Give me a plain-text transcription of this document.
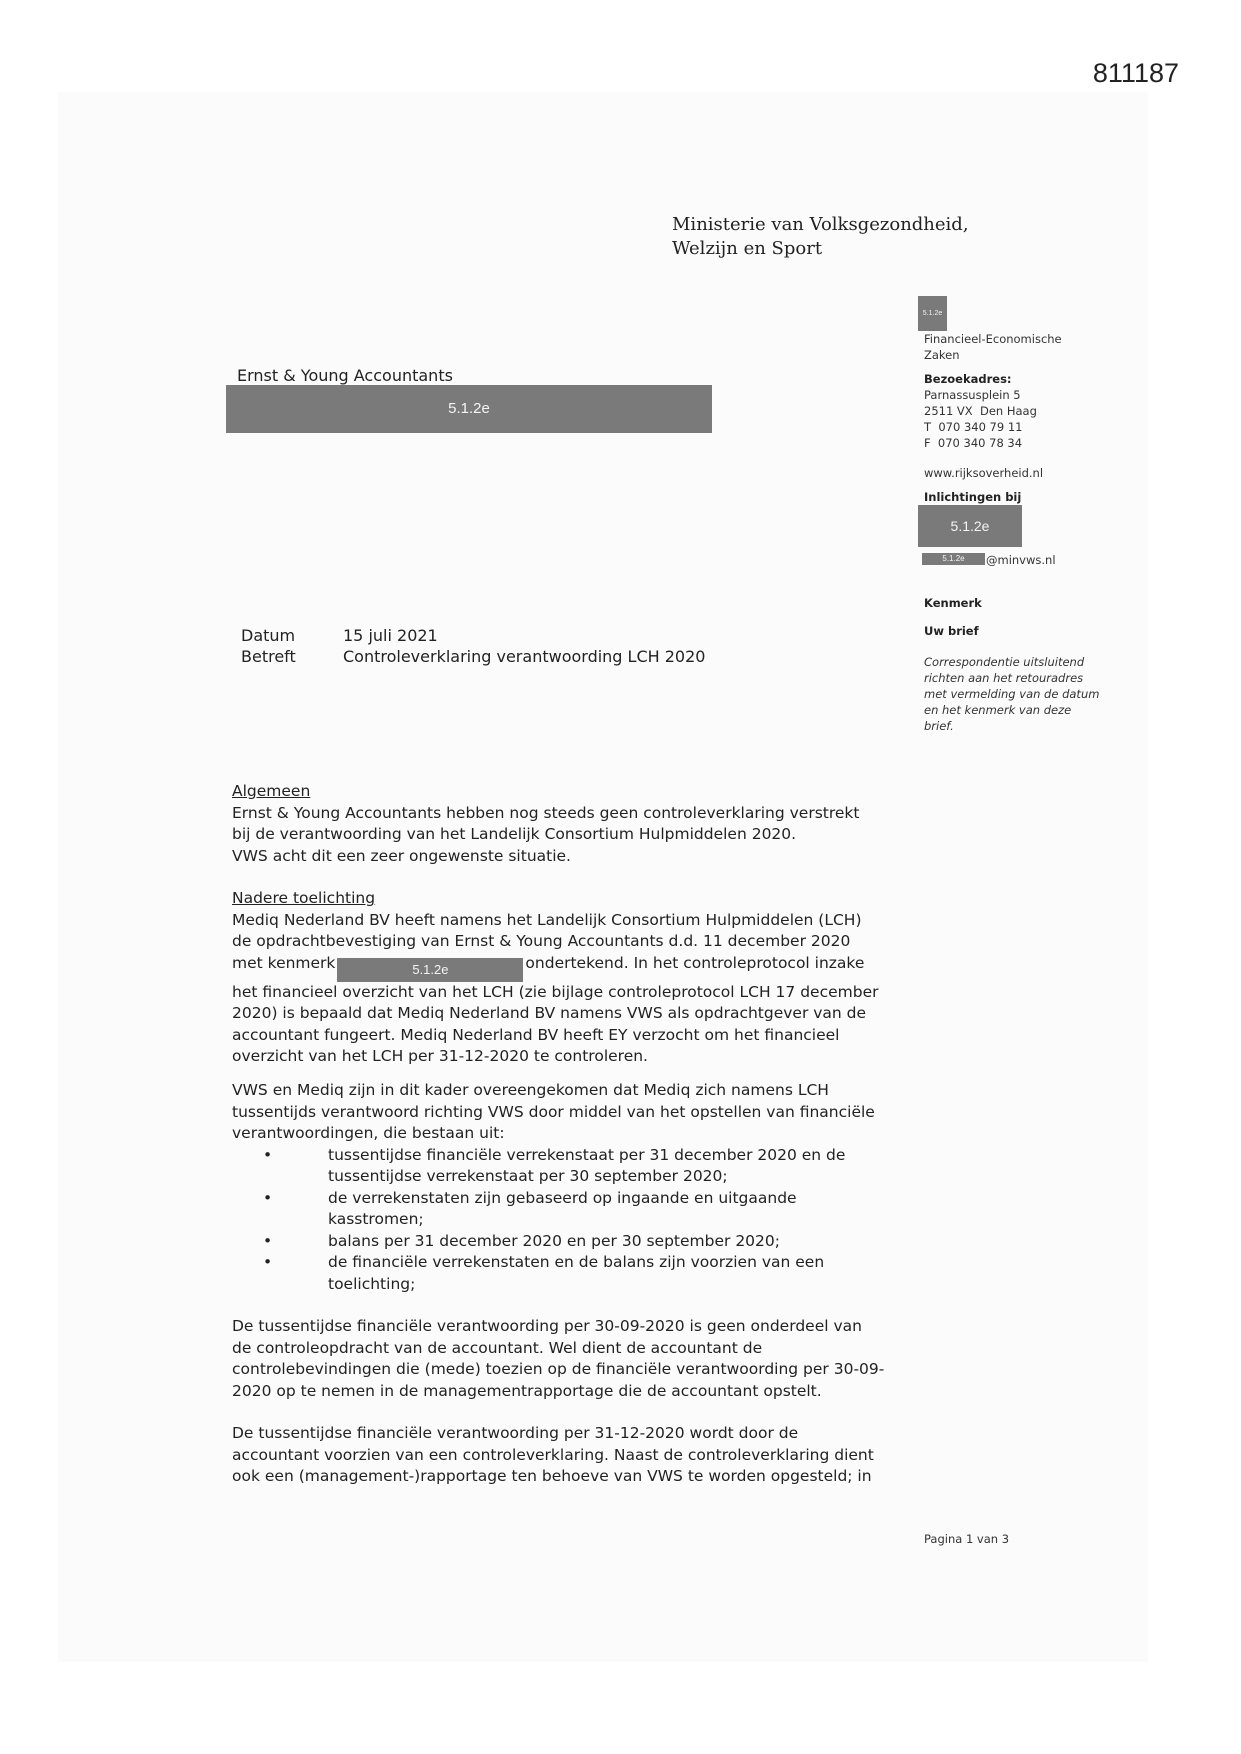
811187
Ministerie van Volksgezondheid,
Welzijn en Sport
Ernst & Young Accountants
5.1.2e
5.1.2e
Financieel-Economische
Zaken
Bezoekadres:
Parnassusplein 5
2511 VX  Den Haag
T  070 340 79 11
F  070 340 78 34
www.rijksoverheid.nl
Inlichtingen bij
5.1.2e
5.1.2e	@minvws.nl
Kenmerk
Uw brief
Correspondentie uitsluitend
richten aan het retouradres
met vermelding van de datum
en het kenmerk van deze
brief.
Datum	15 juli 2021
Betreft	Controleverklaring verantwoording LCH 2020

Algemeen

Ernst & Young Accountants hebben nog steeds geen controleverklaring verstrekt

bij de verantwoording van het Landelijk Consortium Hulpmiddelen 2020.

VWS acht dit een zeer ongewenste situatie.

Nadere toelichting

Mediq Nederland BV heeft namens het Landelijk Consortium Hulpmiddelen (LCH)

de opdrachtbevestiging van Ernst & Young Accountants d.d. 11 december 2020

met kenmerk	5.1.2e	ondertekend. In het controleprotocol inzake

het financieel overzicht van het LCH (zie bijlage controleprotocol LCH 17 december

2020) is bepaald dat Mediq Nederland BV namens VWS als opdrachtgever van de

accountant fungeert. Mediq Nederland BV heeft EY verzocht om het financieel

overzicht van het LCH per 31-12-2020 te controleren.

VWS en Mediq zijn in dit kader overeengekomen dat Mediq zich namens LCH

tussentijds verantwoord richting VWS door middel van het opstellen van financiële

verantwoordingen, die bestaan uit:

• tussentijdse financiële verrekenstaat per 31 december 2020 en de
tussentijdse verrekenstaat per 30 september 2020;
• de verrekenstaten zijn gebaseerd op ingaande en uitgaande
kasstromen;
• balans per 31 december 2020 en per 30 september 2020;
• de financiële verrekenstaten en de balans zijn voorzien van een
toelichting;

De tussentijdse financiële verantwoording per 30-09-2020 is geen onderdeel van

de controleopdracht van de accountant. Wel dient de accountant de

controlebevindingen die (mede) toezien op de financiële verantwoording per 30-09-

2020 op te nemen in de managementrapportage die de accountant opstelt.

De tussentijdse financiële verantwoording per 31-12-2020 wordt door de

accountant voorzien van een controleverklaring. Naast de controleverklaring dient

ook een (management-)rapportage ten behoeve van VWS te worden opgesteld; in

Pagina 1 van 3
